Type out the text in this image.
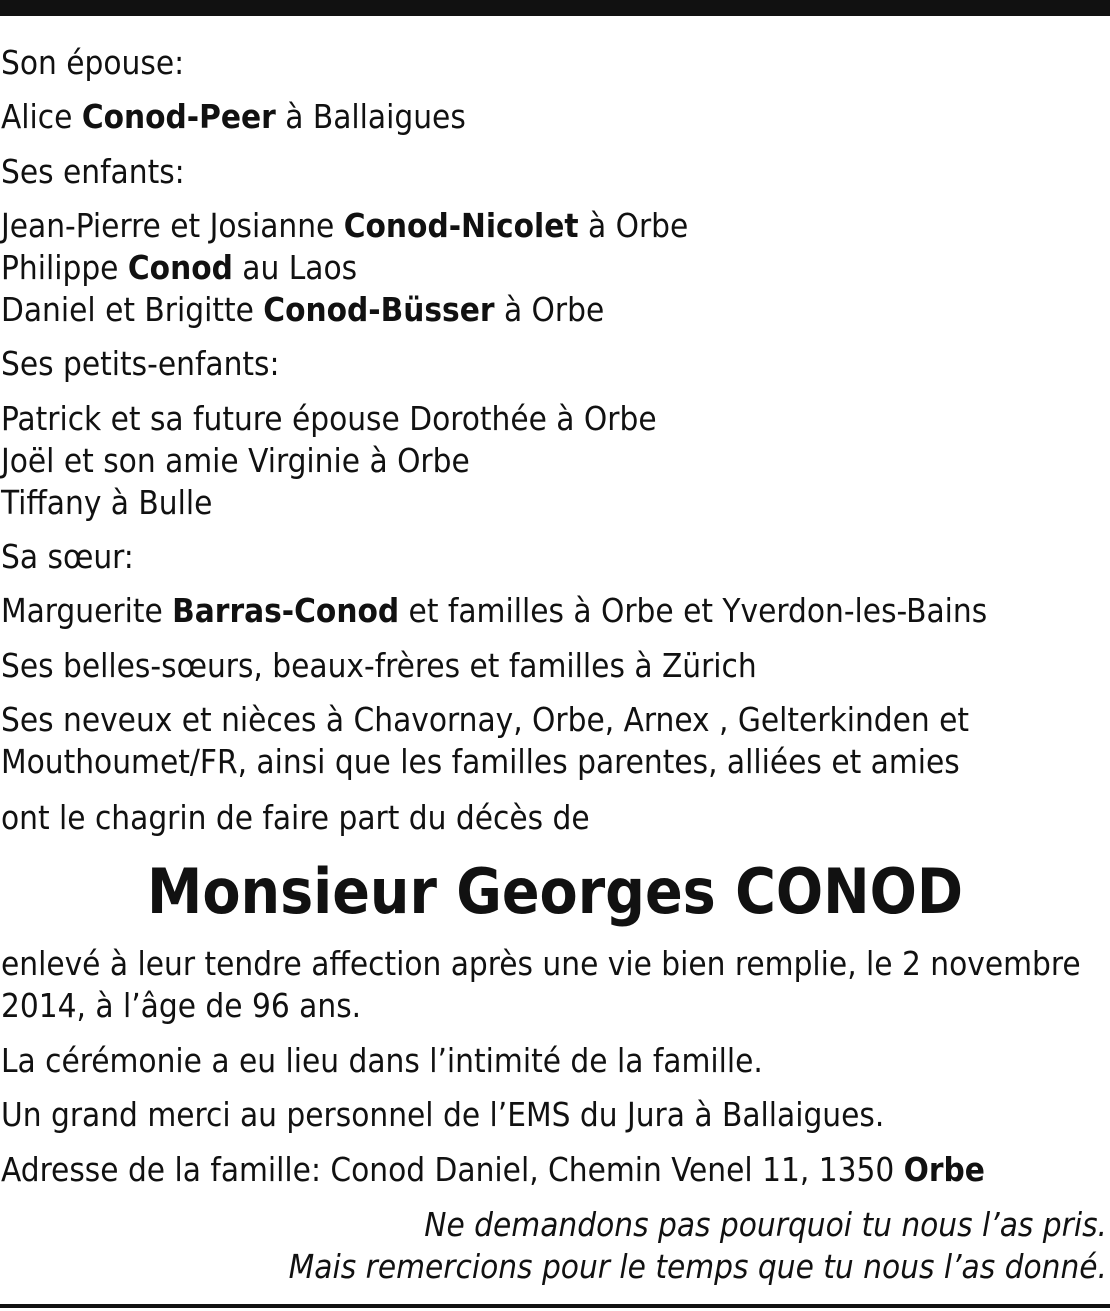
Son épouse:
Alice Conod-Peer à Ballaigues
Ses enfants:
Jean-Pierre et Josianne Conod-Nicolet à Orbe
Philippe Conod au Laos
Daniel et Brigitte Conod-Büsser à Orbe
Ses petits-enfants:
Patrick et sa future épouse Dorothée à Orbe
Joël et son amie Virginie à Orbe
Tiffany à Bulle
Sa sœur:
Marguerite Barras-Conod et familles à Orbe et Yverdon-les-Bains
Ses belles-sœurs, beaux-frères et familles à Zürich
Ses neveux et nièces à Chavornay, Orbe, Arnex , Gelterkinden et
Mouthoumet/FR, ainsi que les familles parentes, alliées et amies
ont le chagrin de faire part du décès de
Monsieur Georges CONOD
enlevé à leur tendre affection après une vie bien remplie, le 2 novembre
2014, à l’âge de 96 ans.
La cérémonie a eu lieu dans l’intimité de la famille.
Un grand merci au personnel de l’EMS du Jura à Ballaigues.
Adresse de la famille: Conod Daniel, Chemin Venel 11, 1350 Orbe
Ne demandons pas pourquoi tu nous l’as pris.
Mais remercions pour le temps que tu nous l’as donné.
